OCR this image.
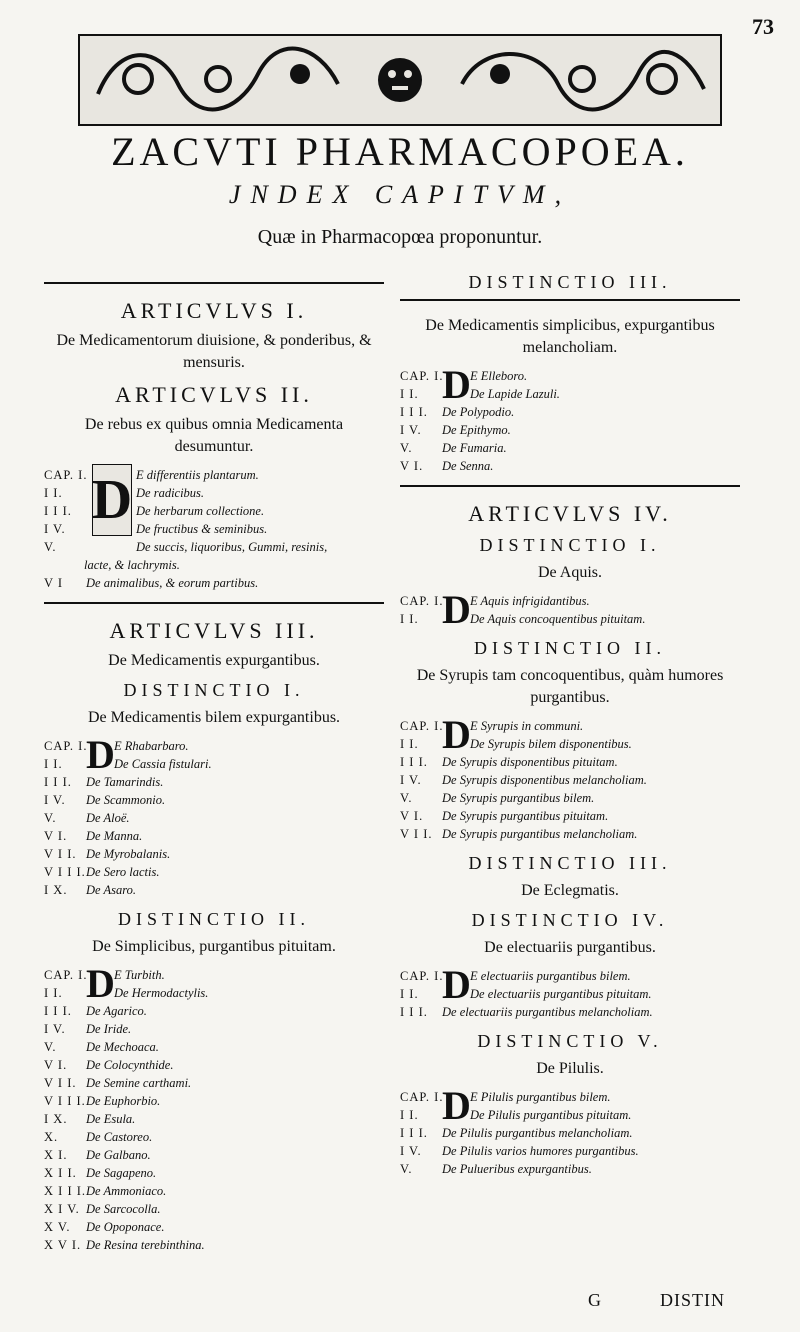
73
ZACVTI PHARMACOPOEA.
JNDEX CAPITVM,
Quæ in Pharmacopœa proponuntur.
ARTICVLVS I.
De Medicamentorum diuisione, & ponderibus, & mensuris.
ARTICVLVS II.
De rebus ex quibus omnia Medicamenta desumuntur.
D
CAP. I.	E differentiis plantarum.
I I.	De radicibus.
I I I.	De herbarum collectione.
I V.	De fructibus & seminibus.
V.	De succis, liquoribus, Gummi, resinis,
lacte, & lachrymis.
V I	De animalibus, & eorum partibus.
ARTICVLVS III.
De Medicamentis expurgantibus.
DISTINCTIO I.
De Medicamentis bilem expurgantibus.
D
CAP. I.	E Rhabarbaro.
I I.	De Cassia fistulari.
I I I.	De Tamarindis.
I V.	De Scammonio.
V.	De Aloë.
V I.	De Manna.
V I I. De Myrobalanis.
V I I I. De Sero lactis.
I X.	De Asaro.
DISTINCTIO II.
De Simplicibus, purgantibus pituitam.
D
CAP. I.	E Turbith.
I I.	De Hermodactylis.
I I I.	De Agarico.
I V.	De Iride.
V.	De Mechoaca.
V I.	De Colocynthide.
V I I. De Semine carthami.
V I I I. De Euphorbio.
I X.	De Esula.
X.	De Castoreo.
X I.	De Galbano.
X I I. De Sagapeno.
X I I I. De Ammoniaco.
X I V. De Sarcocolla.
X V.	De Opoponace.
X V I. De Resina terebinthina.
DISTINCTIO III.
De Medicamentis simplicibus, expurgantibus melancholiam.
D
CAP. I.	E Elleboro.
I I.	De Lapide Lazuli.
I I I.	De Polypodio.
I V.	De Epithymo.
V.	De Fumaria.
V I.	De Senna.
ARTICVLVS IV.
DISTINCTIO I.
De Aquis.
D
CAP. I.	E Aquis infrigidantibus.
I I.	De Aquis concoquentibus pituitam.
DISTINCTIO II.
De Syrupis tam concoquentibus, quàm humores purgantibus.
D
CAP. I.	E Syrupis in communi.
I I.	De Syrupis bilem disponentibus.
I I I.	De Syrupis disponentibus pituitam.
I V.	De Syrupis disponentibus melancholiam.
V.	De Syrupis purgantibus bilem.
V I.	De Syrupis purgantibus pituitam.
V I I. De Syrupis purgantibus melancholiam.
DISTINCTIO III.
De Eclegmatis.
DISTINCTIO IV.
De electuariis purgantibus.
D
CAP. I.	E electuariis purgantibus bilem.
I I.	De electuariis purgantibus pituitam.
I I I.	De electuariis purgantibus melancholiam.
DISTINCTIO V.
De Pilulis.
D
CAP. I.	E Pilulis purgantibus bilem.
I I.	De Pilulis purgantibus pituitam.
I I I.	De Pilulis purgantibus melancholiam.
I V.	De Pilulis varios humores purgantibus.
V.	De Pulueribus expurgantibus.
G	DISTIN
